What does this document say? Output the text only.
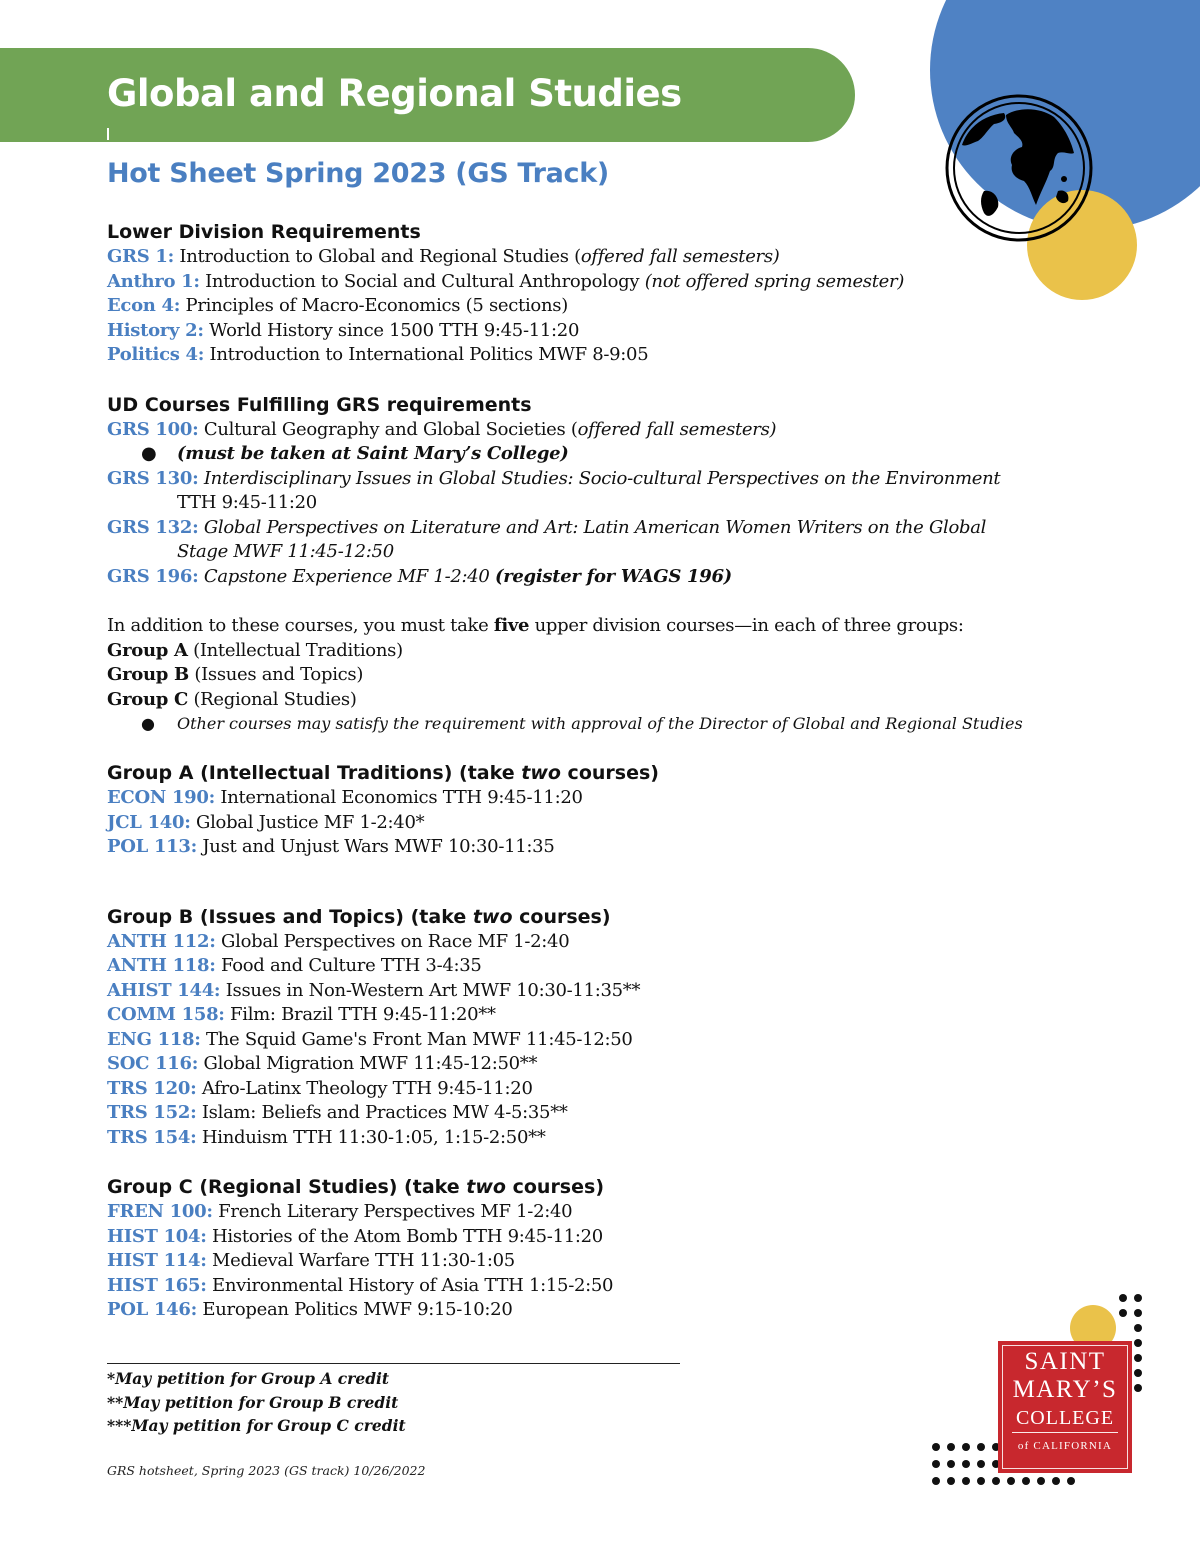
Global and Regional Studies
Hot Sheet Spring 2023 (GS Track)
Lower Division Requirements
GRS 1: Introduction to Global and Regional Studies (offered fall semesters)
Anthro 1: Introduction to Social and Cultural Anthropology (not offered spring semester)
Econ 4: Principles of Macro-Economics (5 sections)
History 2: World History since 1500 TTH 9:45-11:20
Politics 4: Introduction to International Politics MWF 8-9:05
UD Courses Fulfilling GRS requirements
GRS 100: Cultural Geography and Global Societies (offered fall semesters)
● (must be taken at Saint Mary’s College)
GRS 130: Interdisciplinary Issues in Global Studies: Socio-cultural Perspectives on the Environment
TTH 9:45-11:20
GRS 132: Global Perspectives on Literature and Art: Latin American Women Writers on the Global
Stage MWF 11:45-12:50
GRS 196: Capstone Experience MF 1-2:40 (register for WAGS 196)
In addition to these courses, you must take five upper division courses—in each of three groups:
Group A (Intellectual Traditions)
Group B (Issues and Topics)
Group C (Regional Studies)
● Other courses may satisfy the requirement with approval of the Director of Global and Regional Studies
Group A (Intellectual Traditions) (take two courses)
ECON 190: International Economics TTH 9:45-11:20
JCL 140: Global Justice MF 1-2:40*
POL 113: Just and Unjust Wars MWF 10:30-11:35
Group B (Issues and Topics) (take two courses)
ANTH 112: Global Perspectives on Race MF 1-2:40
ANTH 118: Food and Culture TTH 3-4:35
AHIST 144: Issues in Non-Western Art MWF 10:30-11:35**
COMM 158: Film: Brazil TTH 9:45-11:20**
ENG 118: The Squid Game's Front Man MWF 11:45-12:50
SOC 116: Global Migration MWF 11:45-12:50**
TRS 120: Afro-Latinx Theology TTH 9:45-11:20
TRS 152: Islam: Beliefs and Practices MW 4-5:35**
TRS 154: Hinduism TTH 11:30-1:05, 1:15-2:50**
Group C (Regional Studies) (take two courses)
FREN 100: French Literary Perspectives MF 1-2:40
HIST 104: Histories of the Atom Bomb TTH 9:45-11:20
HIST 114: Medieval Warfare TTH 11:30-1:05
HIST 165: Environmental History of Asia TTH 1:15-2:50
POL 146: European Politics MWF 9:15-10:20
*May petition for Group A credit
**May petition for Group B credit
***May petition for Group C credit
GRS hotsheet, Spring 2023 (GS track) 10/26/2022
SAINT
MARY’S
COLLEGE
of CALIFORNIA
